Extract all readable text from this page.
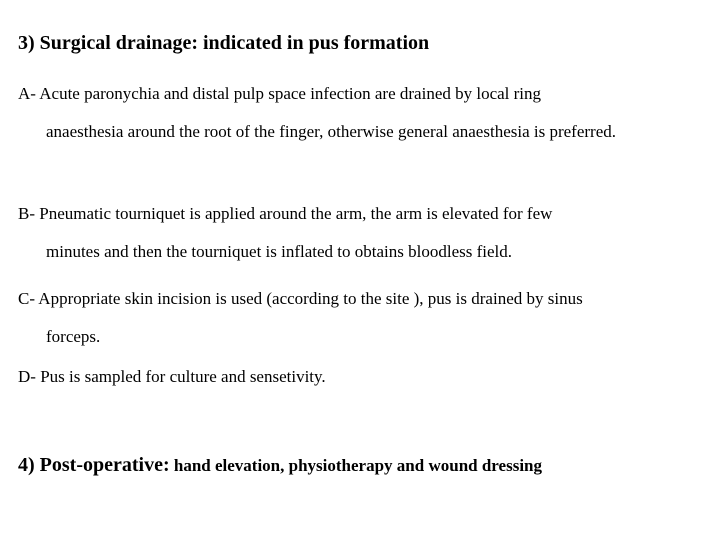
3) Surgical drainage: indicated in pus formation

A- Acute paronychia and distal pulp space infection are drained by local ring
anaesthesia around the root of the finger, otherwise general anaesthesia is preferred.

B- Pneumatic tourniquet is applied around the arm, the arm is elevated for few
minutes and then the tourniquet is inflated to obtains bloodless field.

C- Appropriate skin incision is used (according to the site ), pus is drained by sinus
forceps.

D- Pus is sampled for culture and sensetivity.

4) Post-operative: hand elevation, physiotherapy and wound dressing
